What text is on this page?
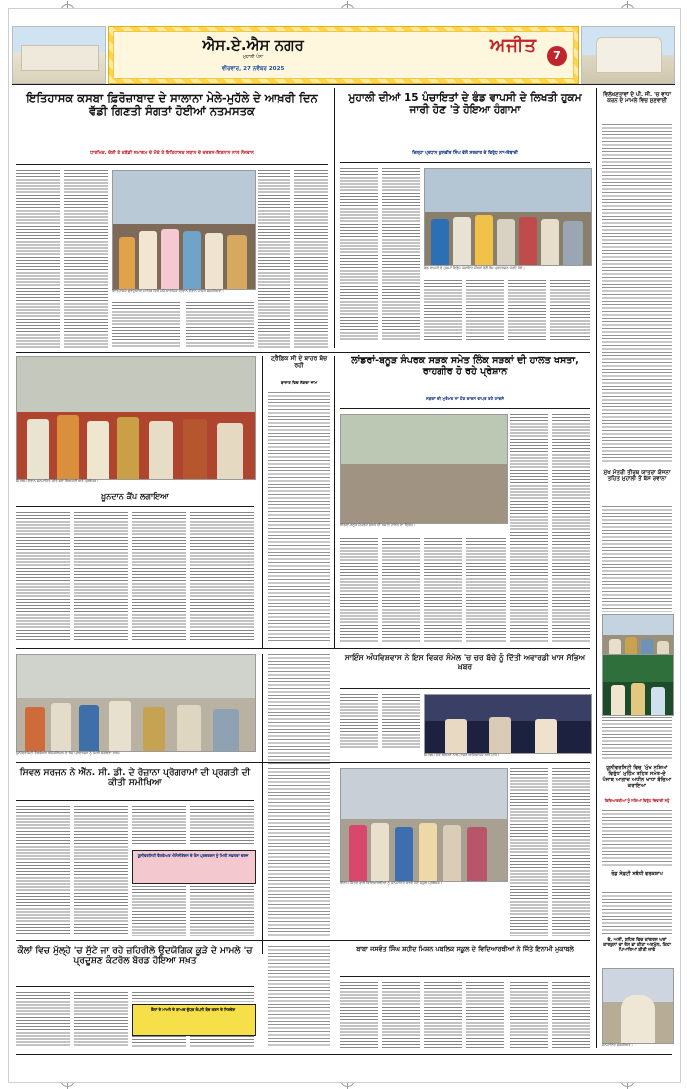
ਐਸ.ਏ.ਐਸ ਨਗਰ
ਮੁਹਾਲੀ ਪੰਨਾ
ਵੀਰਵਾਰ, 27 ਨਵੰਬਰ 2025
ਅਜੀਤ	7
ਇਤਿਹਾਸਕ ਕਸਬਾ ਫ਼ਿਰੋਜ਼ਾਬਾਦ ਦੇ ਸਾਲਾਨਾ ਮੇਲੇ-ਮੁਹੱਲੇ ਦੇ ਆਖ਼ਰੀ ਦਿਨ ਵੱਡੀ ਗਿਣਤੀ ਸੰਗਤਾਂ ਹੋਈਆਂ ਨਤਮਸਤਕ
ਧਾਰਮਿਕ, ਦੇਸ਼ੀ ਤੇ ਕਬੱਡੀ ਸਮਾਗਮ ਦੇ ਮੌਕੇ ਤੇ ਇਤਿਹਾਸਕ ਸਥਾਨ ਦੇ ਦਰਸ਼ਨ-ਇਸ਼ਨਾਨ ਨਾਲ ਨੌਜਵਾਨ
ਇਤਿਹਾਸਕ ਗੁਰਦੁਆਰਾ ਸਾਹਿਬ ਵਿਖੇ ਸਜੇ ਧਾਰਮਿਕ ਦੀਵਾਨ ਦੌਰਾਨ ਹਾਜ਼ਰ ਸ਼ਖ਼ਸੀਅਤਾਂ।
ਮੁਹਾਲੀ ਦੀਆਂ 15 ਪੰਚਾਇਤਾਂ ਦੇ ਫੰਡ ਵਾਪਸੀ ਦੇ ਲਿਖਤੀ ਹੁਕਮ ਜਾਰੀ ਹੋਣ 'ਤੇ ਹੋਇਆ ਹੰਗਾਮਾ
ਜ਼ਿਲ੍ਹਾ ਪ੍ਰਧਾਨ ਕੁਲਵੀਰ ਸਿੰਘ ਵੱਲੋਂ ਸਰਕਾਰ ਦੇ ਵਿਰੁੱਧ ਨਾਅਰੇਬਾਜ਼ੀ
ਫੰਡ ਵਾਪਸੀ ਦੇ ਹੁਕਮਾਂ ਵਿਰੁੱਧ ਪੰਚਾਇਤ ਮੈਂਬਰਾਂ ਵੱਲੋਂ ਰੋਸ ਪ੍ਰਦਰਸ਼ਨ ਕਰਦੇ ਹੋਏ।
ਵਿਲੱਖਣਤਾਵਾਂ ਦੇ ਪੀ. ਜੀ. 'ਚ ਵਾਧਾ ਕਰਨ ਦੇ ਮਾਮਲੇ ਵਿਚ ਸੁਣਵਾਈ
ਮੁੱਖ ਮੰਤਰੀ ਤੀਰਥ ਯਾਤਰਾ ਯੋਜਨਾ ਤਹਿਤ ਮੁਹਾਲੀ ਤੋਂ ਬੱਸ ਰਵਾਨਾ
ਸਮਾਗਮ ਦੌਰਾਨ ਸਨਮਾਨਿਤ ਕੀਤੇ ਗਏ ਵਿਅਕਤੀ ਅਤੇ ਪ੍ਰਬੰਧਕ।
ਖ਼ੂਨਦਾਨ ਕੈਂਪ ਲਗਾਇਆ
ਟ੍ਰੈਫ਼ਿਕ ਸੀ ਦੇ ਬਾਹਰ ਬੱਚ ਰਹੀ
ਬਾਜ਼ਾਰ ਵਿਚ ਲੱਗਦਾ ਜਾਮ
ਲਾਂਡਰਾਂ-ਬਨੂੜ ਸੰਪਰਕ ਸੜਕ ਸਮੇਤ ਲਿੰਕ ਸੜਕਾਂ ਦੀ ਹਾਲਤ ਖਸਤਾ, ਰਾਹਗੀਰ ਹੋ ਰਹੇ ਪ੍ਰੇਸ਼ਾਨ
ਸੜਕਾਂ ਦੀ ਮੁਰੰਮਤ ਨਾ ਹੋਣ ਕਾਰਨ ਵਾਪਰ ਰਹੇ ਹਾਦਸੇ
ਲਾਂਡਰਾਂ-ਬਨੂੜ ਸੰਪਰਕ ਸੜਕ ਦੀ ਖਸਤਾ ਹਾਲਤ ਦਾ ਦ੍ਰਿਸ਼।
ਯੂਨੀਵਰਸਿਟੀ ਵੈਲਫੇਅਰ ਐਸੋਸੀਏਸ਼ਨ ਦੇ ਰੋਸ ਪ੍ਰਦਰਸ਼ਨ ਨੂੰ ਮਿਲੀ ਸਫ਼ਲਤਾ ਦਰਜ
ਸਾਇੰਸ ਅੰਧਵਿਸ਼ਵਾਸ ਨੇ ਇਸ ਵਿਕਰ ਸੰਮੇਲ 'ਚ ਚਰ ਬੱਚੇ ਨੂੰ ਦਿੱਤੀ ਅਵਾਰਡੀ ਖਾਸ ਸੱਭਿਅ ਖ਼ਬਰ
ਸਮਾਗਮ ਮੌਕੇ ਬੱਚਿਆਂ ਨਾਲ ਹਾਜ਼ਰ ਅਧਿਆਪਕ ਅਤੇ ਮਾਪੇ।
ਸਿਵਲ ਸਰਜਨ ਨੇ ਐੱਨ. ਸੀ. ਡੀ. ਦੇ ਰੋਜ਼ਾਨਾ ਪ੍ਰੋਗਰਾਮਾਂ ਦੀ ਪ੍ਰਗਤੀ ਦੀ ਕੀਤੀ ਸਮੀਖਿਆ
ਯੂਨੀਵਰਸਿਟੀ ਵੈਲਫੇਅਰ ਐਸੋਸੀਏਸ਼ਨ ਦੇ ਰੋਸ ਪ੍ਰਦਰਸ਼ਨ ਨੂੰ ਮਿਲੀ ਸਫ਼ਲਤਾ ਦਰਜ
ਇਨਾਮ ਜਿੱਤਣ ਵਾਲੇ ਵਿਦਿਆਰਥੀਆਂ ਨੂੰ ਸਨਮਾਨਿਤ ਕਰਦੇ ਹੋਏ ਸਕੂਲ ਪ੍ਰਬੰਧਕ।
ਯੂਨੀਵਰਸਿਟੀ ਵਿਚ 'ਮੁੱਖ ਨਸ਼ਿਆਂ ਵਿਰੁੱਧ' ਮੁਹਿੰਮ ਤਹਿਤ ਸਮੇਤ-ਦੇ ਪੰਜਾਬ ਆਗਾਜ਼ ਅਧੀਨ ਖਾਧਾ ਬੱਚਿਆ ਕਰਾਇਆ
ਵਿਦਿਆਰਥੀਆਂ ਨੂੰ ਨਸ਼ਿਆਂ ਵਿਰੁੱਧ ਦਿਵਾਈ ਸਹੁੰ
ਰੋਡ ਸੇਫ਼ਟੀ ਸਬੰਧੀ ਵਰਕਸ਼ਾਪ
ਦੇ, ਅਸੀਂ, ਸ਼ਹਿਰ ਵਿਚ ਕਾਂਗਰਸ ਘਰਾਂ ਕਾਰਕੁਨਾਂ ਦਾ ਰੋਸ ਭਾ ਕੀਤਾ ਅਣਮੁੱਲ, ਕਿਹਾ ਪਿਆਰਿਆਂ ਕੀਤੀ ਜਾਵੇ
ਸਨਮਾਨਿਤ ਸ਼ਖ਼ਸੀਅਤ।
ਕੌਲਾਂ ਵਿਚ ਮੁੱਲ੍ਹੇ 'ਚ ਸੁੱਟੇ ਜਾ ਰਹੇ ਜ਼ਹਿਰੀਲੇ ਉਦਯੋਗਿਕ ਕੂੜੇ ਦੇ ਮਾਮਲੇ 'ਚ ਪ੍ਰਦੂਸ਼ਣ ਕੰਟਰੋਲ ਬੋਰਡ ਹੋਇਆ ਸਖ਼ਤ
ਕੌਲਾਂ ਦੇ ਮਾਮਲੇ ਦੇ ਬਾਅਦ ਦੁੱਧਕ ਕੰਪਨੀ ਬੰਦ ਕਰਨ ਦੇ ਨਿਰਦੇਸ਼
ਬਾਬਾ ਜਸਵੰਤ ਸਿੰਘ ਸ਼ਹੀਦ ਮਿਸ਼ਨ ਪਬਲਿਕ ਸਕੂਲ ਦੇ ਵਿਦਿਆਰਥੀਆਂ ਨੇ ਜਿੱਤੇ ਇਨਾਮੀ ਮੁਕਾਬਲੇ
